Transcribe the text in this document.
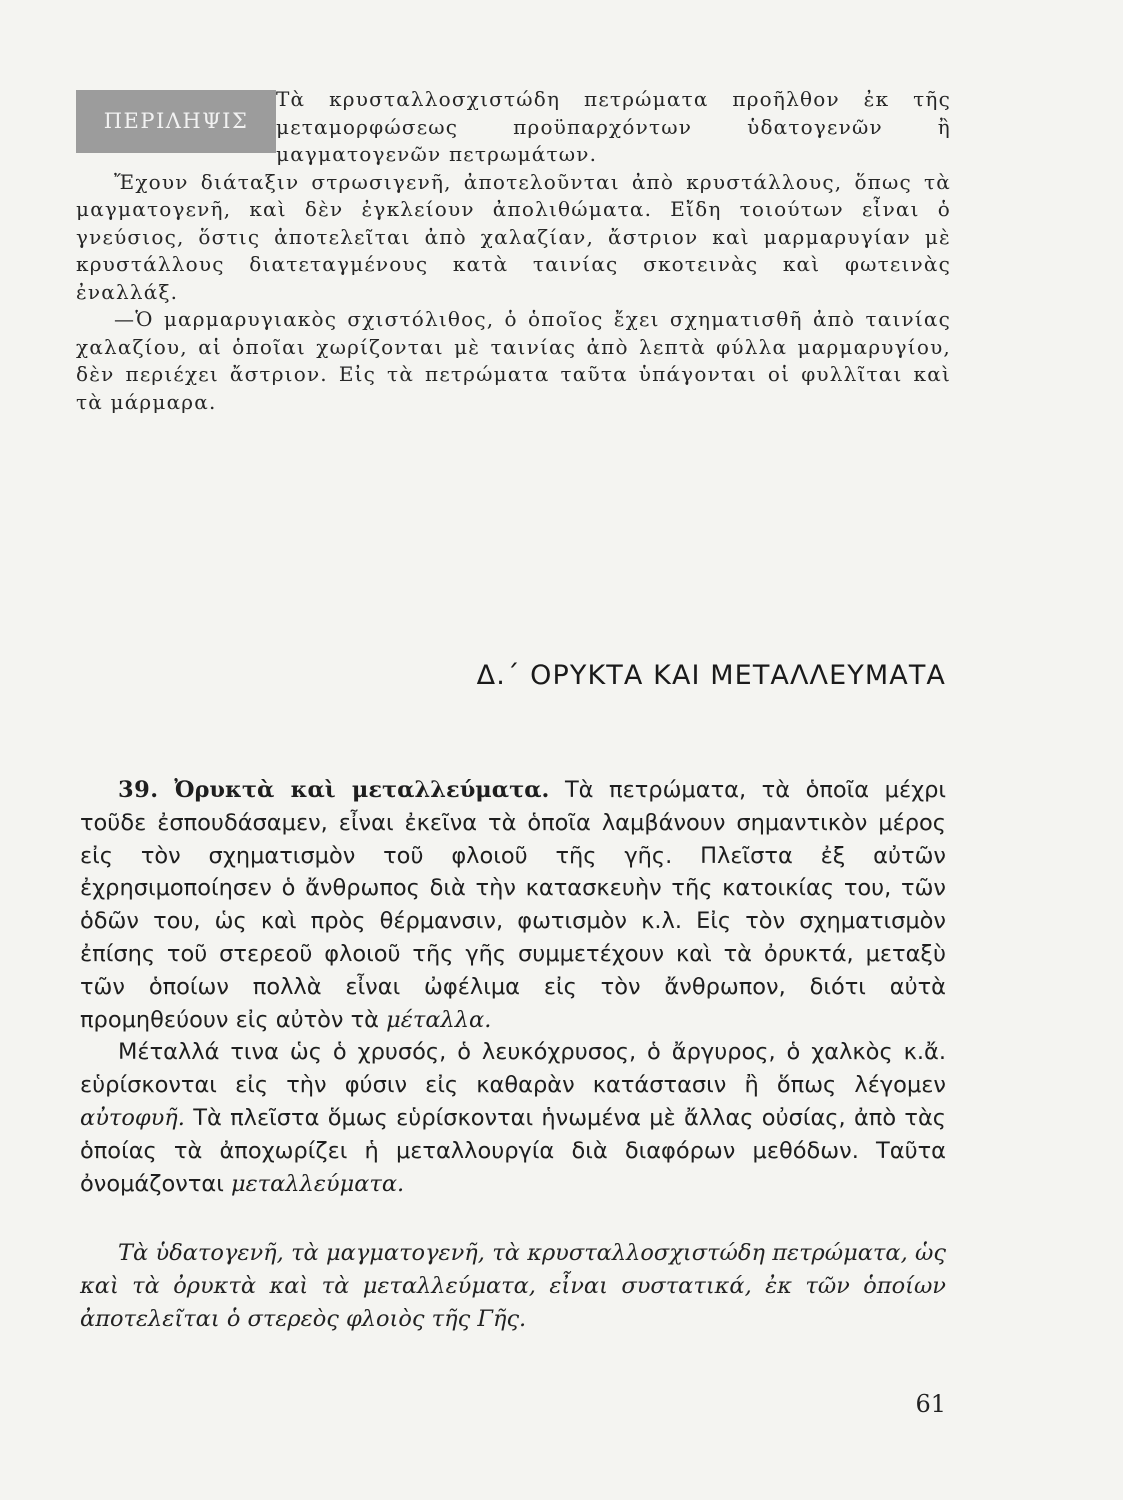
ΠΕΡΙΛΗΨΙΣ

Τὰ κρυσταλλοσχιστώδη πετρώματα προῆλθον ἐκ τῆς μεταμορφώσεως προϋπαρχόντων ὑδατογενῶν ἢ μαγματογενῶν πετρωμάτων.

Ἔχουν διάταξιν στρωσιγενῆ, ἀποτελοῦνται ἀπὸ κρυστάλλους, ὅπως τὰ μαγματογενῆ, καὶ δὲν ἐγκλείουν ἀπολιθώματα. Εἴδη τοιούτων εἶναι ὁ γνεύσιος, ὅστις ἀποτελεῖται ἀπὸ χαλαζίαν, ἄστριον καὶ μαρμαρυγίαν μὲ κρυστάλλους διατεταγμένους κατὰ ταινίας σκοτεινὰς καὶ φωτεινὰς ἐναλλάξ.

—Ὁ μαρμαρυγιακὸς σχιστόλιθος, ὁ ὁποῖος ἔχει σχηματισθῆ ἀπὸ ταινίας χαλαζίου, αἱ ὁποῖαι χωρίζονται μὲ ταινίας ἀπὸ λεπτὰ φύλλα μαρμαρυγίου, δὲν περιέχει ἄστριον. Εἰς τὰ πετρώματα ταῦτα ὑπάγονται οἱ φυλλῖται καὶ τὰ μάρμαρα.

Δ.΄ ΟΡΥΚΤΑ ΚΑΙ ΜΕΤΑΛΛΕΥΜΑΤΑ

39. Ὀρυκτὰ καὶ μεταλλεύματα. Τὰ πετρώματα, τὰ ὁποῖα μέχρι τοῦδε ἐσπουδάσαμεν, εἶναι ἐκεῖνα τὰ ὁποῖα λαμβάνουν σημαντικὸν μέρος εἰς τὸν σχηματισμὸν τοῦ φλοιοῦ τῆς γῆς. Πλεῖστα ἐξ αὐτῶν ἐχρησιμοποίησεν ὁ ἄνθρωπος διὰ τὴν κατασκευὴν τῆς κατοικίας του, τῶν ὁδῶν του, ὡς καὶ πρὸς θέρμανσιν, φωτισμὸν κ.λ. Εἰς τὸν σχηματισμὸν ἐπίσης τοῦ στερεοῦ φλοιοῦ τῆς γῆς συμμετέχουν καὶ τὰ ὀρυκτά, μεταξὺ τῶν ὁποίων πολλὰ εἶναι ὠφέλιμα εἰς τὸν ἄνθρωπον, διότι αὐτὰ προμηθεύουν εἰς αὐτὸν τὰ μέταλλα.

Μέταλλά τινα ὡς ὁ χρυσός, ὁ λευκόχρυσος, ὁ ἄργυρος, ὁ χαλκὸς κ.ἄ. εὑρίσκονται εἰς τὴν φύσιν εἰς καθαρὰν κατάστασιν ἢ ὅπως λέγομεν αὐτοφυῆ. Τὰ πλεῖστα ὅμως εὑρίσκονται ἡνωμένα μὲ ἄλλας οὐσίας, ἀπὸ τὰς ὁποίας τὰ ἀποχωρίζει ἡ μεταλλουργία διὰ διαφόρων μεθόδων. Ταῦτα ὀνομάζονται μεταλλεύματα.

Τὰ ὑδατογενῆ, τὰ μαγματογενῆ, τὰ κρυσταλλοσχιστώδη πετρώματα, ὡς καὶ τὰ ὀρυκτὰ καὶ τὰ μεταλλεύματα, εἶναι συστατικά, ἐκ τῶν ὁποίων ἀποτελεῖται ὁ στερεὸς φλοιὸς τῆς Γῆς.

61
